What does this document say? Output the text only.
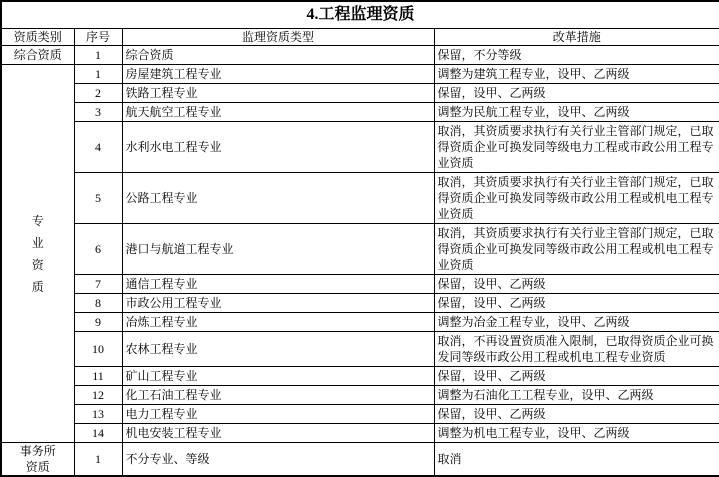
4.工程监理资质			
资质类别	序号	监理资质类型	改革措施
综合资质	1	综合资质	保留，不分等级

专业资质	1	房屋建筑工程专业	调整为建筑工程专业，设甲、乙两级
	2	铁路工程专业	保留，设甲、乙两级
	3	航天航空工程专业	调整为民航工程专业，设甲、乙两级
	4	水利水电工程专业	取消，其资质要求执行有关行业主管部门规定，已取得资质企业可换发同等级电力工程或市政公用工程专业资质
	5	公路工程专业	取消，其资质要求执行有关行业主管部门规定，已取得资质企业可换发同等级市政公用工程或机电工程专业资质
	6	港口与航道工程专业	取消，其资质要求执行有关行业主管部门规定，已取得资质企业可换发同等级市政公用工程或机电工程专业资质
	7	通信工程专业	保留，设甲、乙两级
	8	市政公用工程专业	保留，设甲、乙两级
	9	冶炼工程专业	调整为冶金工程专业，设甲、乙两级
	10	农林工程专业	取消，不再设置资质准入限制，已取得资质企业可换发同等级市政公用工程或机电工程专业资质
	11	矿山工程专业	保留，设甲、乙两级
	12	化工石油工程专业	调整为石油化工工程专业，设甲、乙两级
	13	电力工程专业	保留，设甲、乙两级
	14	机电安装工程专业	调整为机电工程专业，设甲、乙两级

事务所资质	1	不分专业、等级	取消
